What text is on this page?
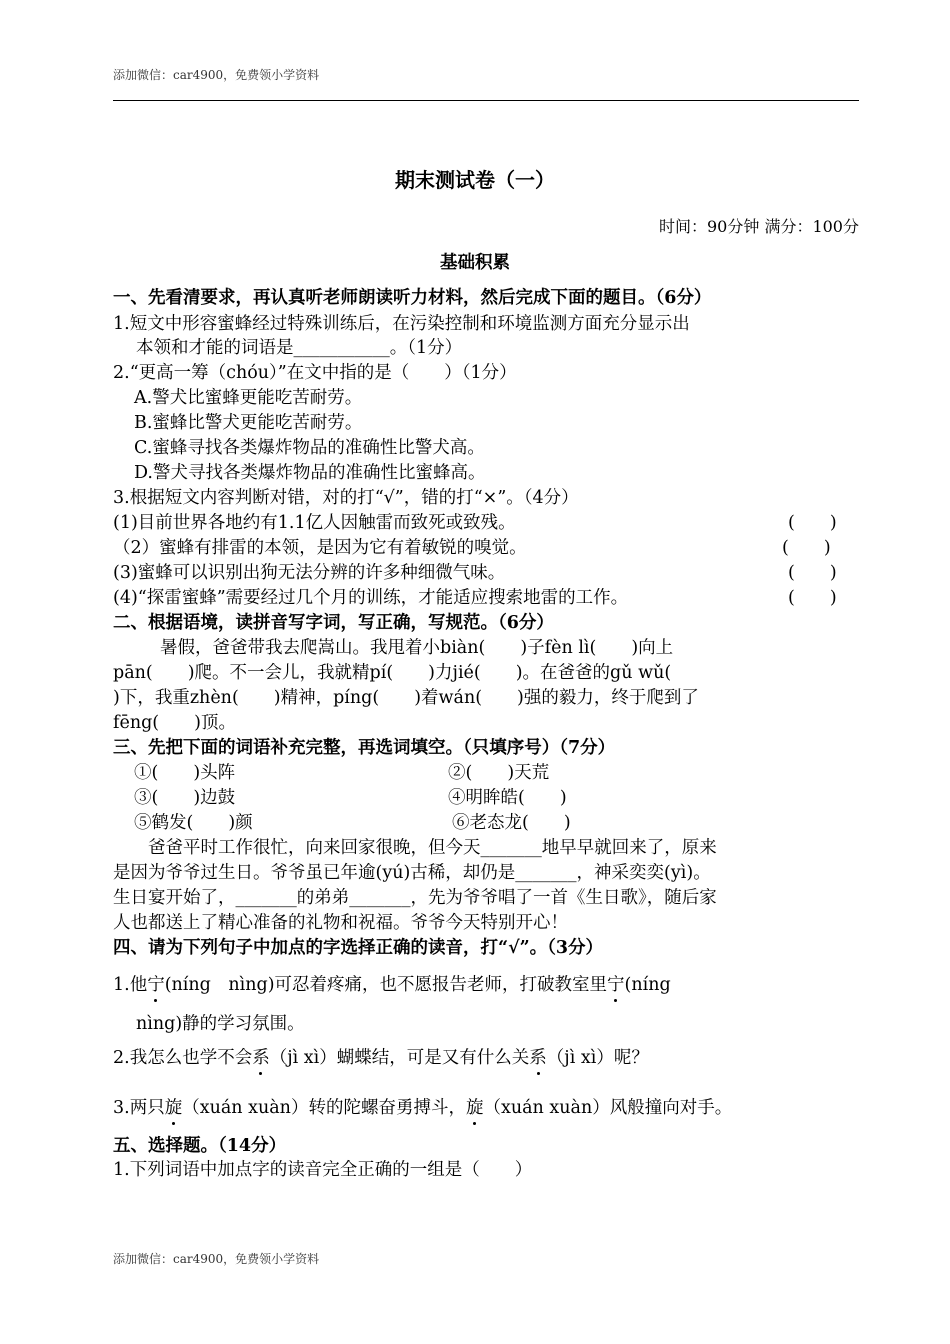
添加微信：car4900，免费领小学资料
期末测试卷（一）
时间：90分钟 满分：100分
基础积累
一、先看清要求，再认真听老师朗读听力材料，然后完成下面的题目。（6分）
1.短文中形容蜜蜂经过特殊训练后，在污染控制和环境监测方面充分显示出
本领和才能的词语是___________。（1分）
2.“更高一筹（chóu）”在文中指的是（　　）（1分）
A.警犬比蜜蜂更能吃苦耐劳。
B.蜜蜂比警犬更能吃苦耐劳。
C.蜜蜂寻找各类爆炸物品的准确性比警犬高。
D.警犬寻找各类爆炸物品的准确性比蜜蜂高。
3.根据短文内容判断对错，对的打“√”，错的打“×”。（4分）
(1)目前世界各地约有1.1亿人因触雷而致死或致残。	(　　)
（2）蜜蜂有排雷的本领，是因为它有着敏锐的嗅觉。	(　　)
(3)蜜蜂可以识别出狗无法分辨的许多种细微气味。	(　　)
(4)“探雷蜜蜂”需要经过几个月的训练，才能适应搜索地雷的工作。	(　　)
二、根据语境，读拼音写字词，写正确，写规范。（6分）
暑假，爸爸带我去爬嵩山。我甩着小biàn(　　)子fèn lì(　　)向上
pān(　　)爬。不一会儿，我就精pí(　　)力jié(　　)。在爸爸的gǔ wǔ(
)下，我重zhèn(　　)精神，píng(　　)着wán(　　)强的毅力，终于爬到了
fēng(　　)顶。
三、先把下面的词语补充完整，再选词填空。（只填序号）（7分）
①(　　)头阵	②(　　)天荒
③(　　)边鼓	④明眸皓(　　)
⑤鹤发(　　)颜	⑥老态龙(　　)
爸爸平时工作很忙，向来回家很晚，但今天_______地早早就回来了，原来
是因为爷爷过生日。爷爷虽已年逾(yú)古稀，却仍是_______，神采奕奕(yì)。
生日宴开始了，_______的弟弟_______，先为爷爷唱了一首《生日歌》，随后家
人也都送上了精心准备的礼物和祝福。爷爷今天特别开心！
四、请为下列句子中加点的字选择正确的读音，打“√”。（3分）
1.他宁(níng　nìng)可忍着疼痛，也不愿报告老师，打破教室里宁(níng
nìng)静的学习氛围。
2.我怎么也学不会系（jì xì）蝴蝶结，可是又有什么关系（jì xì）呢？
3.两只旋（xuán xuàn）转的陀螺奋勇搏斗，旋（xuán xuàn）风般撞向对手。
五、选择题。（14分）
1.下列词语中加点字的读音完全正确的一组是（　　）
添加微信：car4900，免费领小学资料
